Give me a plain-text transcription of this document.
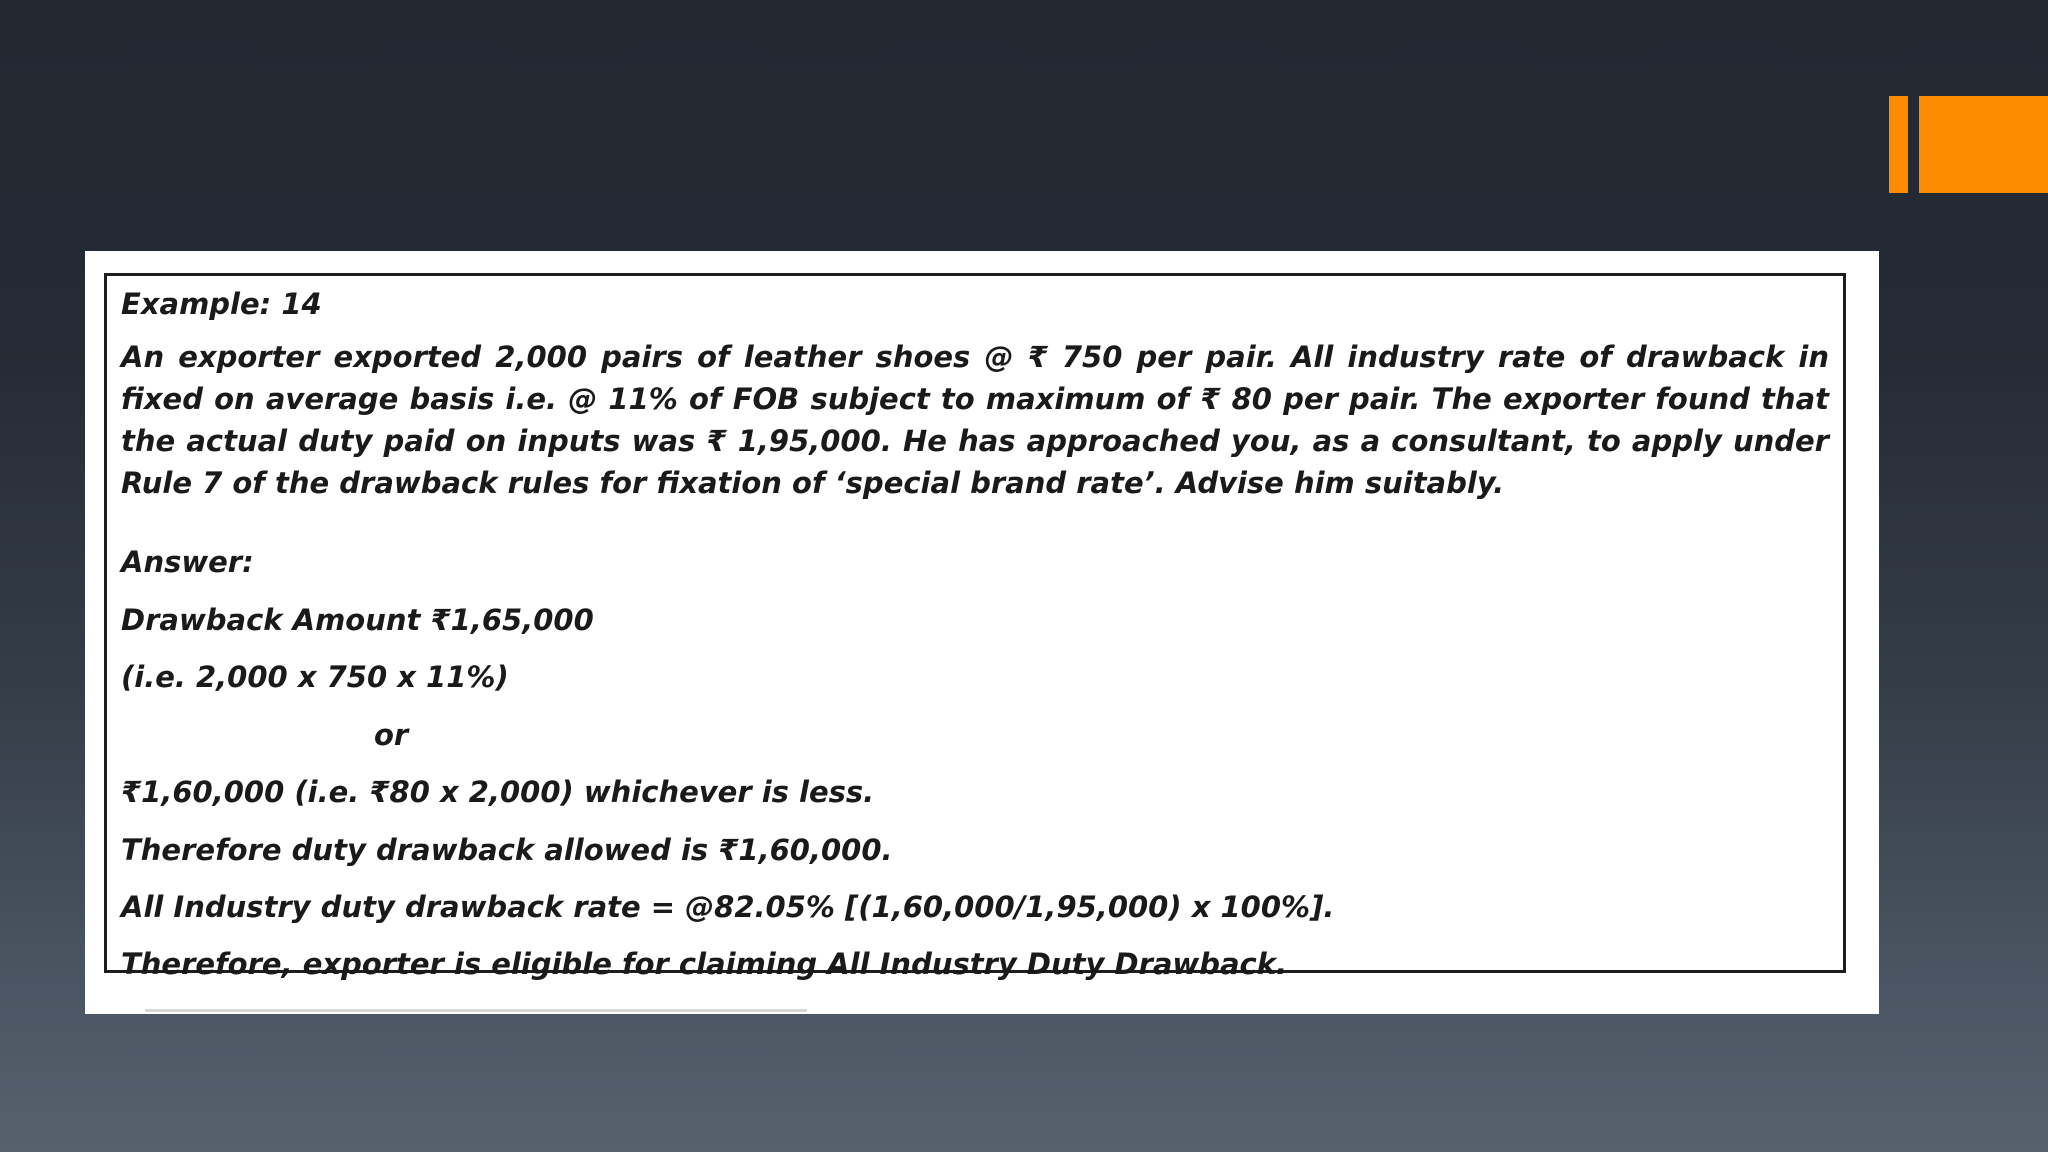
Example: 14

An exporter exported 2,000 pairs of leather shoes @ ₹ 750 per pair. All industry rate of drawback in fixed on average basis i.e. @ 11% of FOB subject to maximum of ₹ 80 per pair. The exporter found that the actual duty paid on inputs was ₹ 1,95,000. He has approached you, as a consultant, to apply under Rule 7 of the drawback rules for fixation of ‘special brand rate’. Advise him suitably.

Answer:
Drawback Amount ₹1,65,000
(i.e. 2,000 x 750 x 11%)
or
₹1,60,000 (i.e. ₹80 x 2,000) whichever is less.
Therefore duty drawback allowed is ₹1,60,000.
All Industry duty drawback rate = @82.05% [(1,60,000/1,95,000) x 100%].
Therefore, exporter is eligible for claiming All Industry Duty Drawback.
